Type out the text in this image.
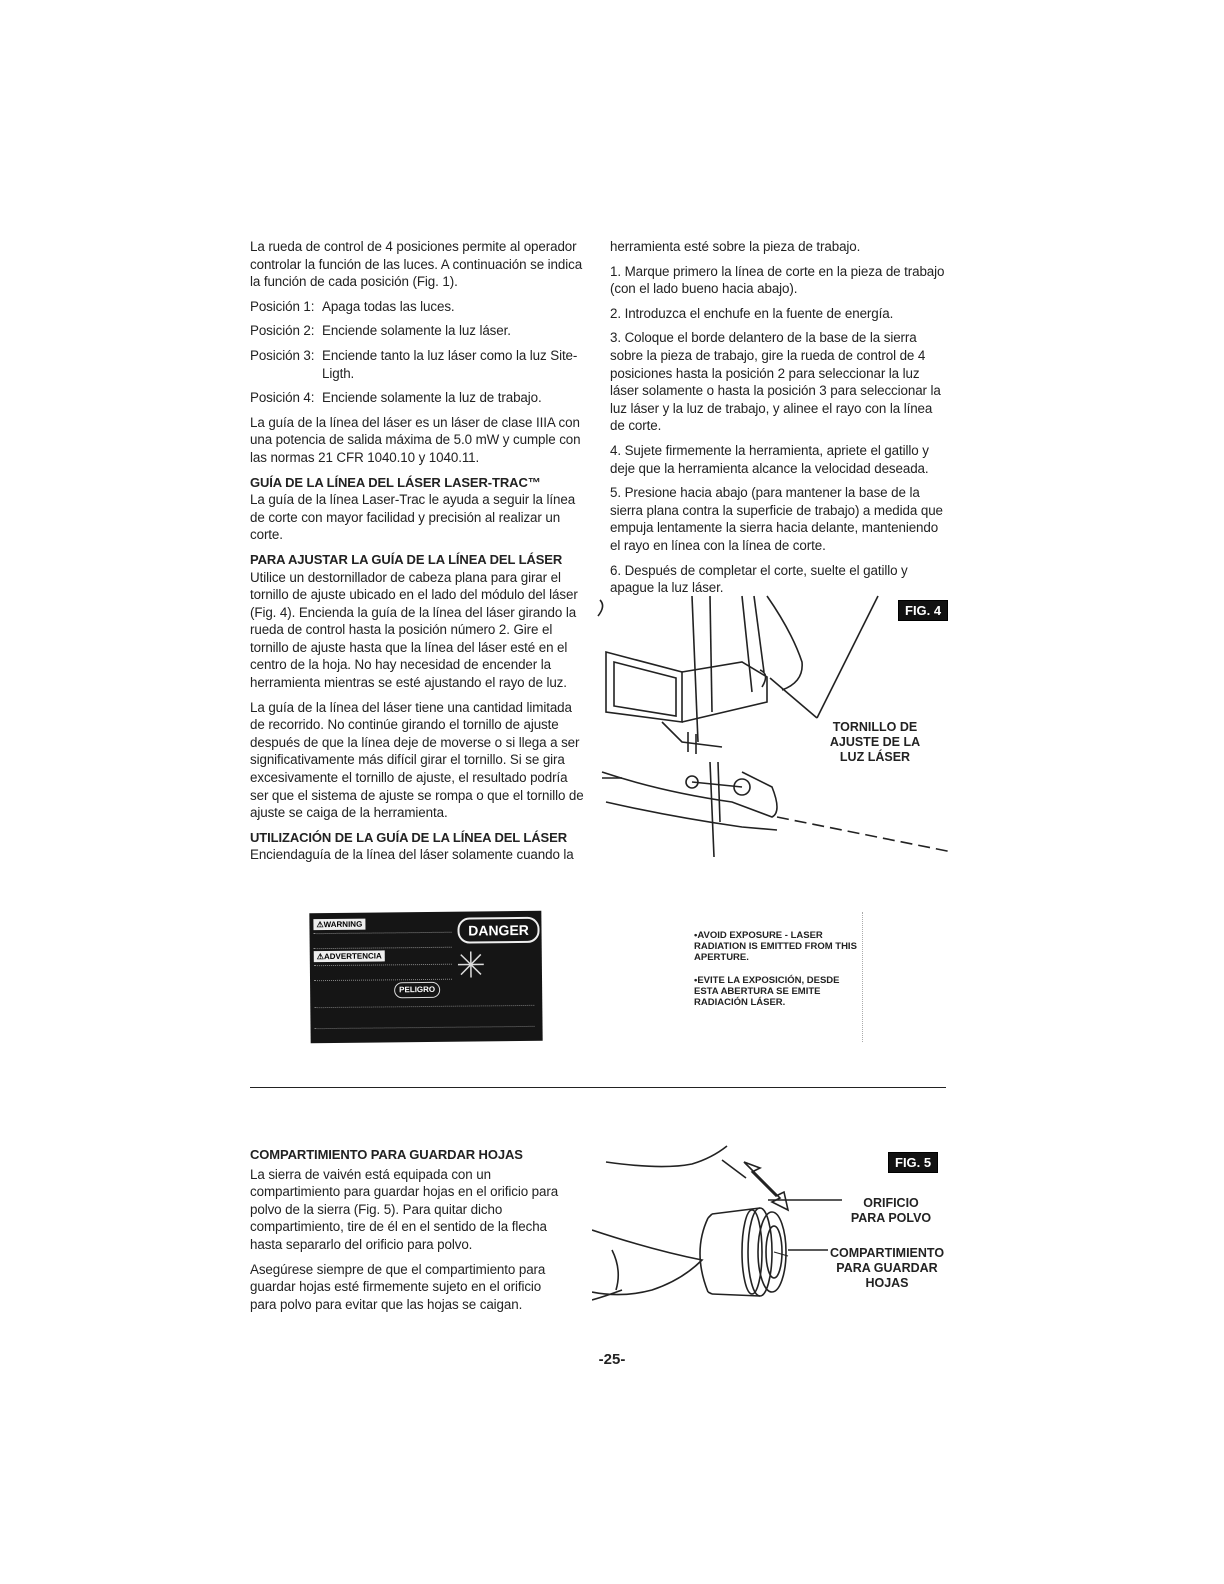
La rueda de control de 4 posiciones permite al operador controlar la función de las luces. A continuación se indica la función de cada posición (Fig. 1).

Posición 1: Apaga todas las luces.
Posición 2: Enciende solamente la luz láser.
Posición 3: Enciende tanto la luz láser como la luz Site-Ligth.
Posición 4: Enciende solamente la luz de trabajo.

La guía de la línea del láser es un láser de clase IIIA con una potencia de salida máxima de 5.0 mW y cumple con las normas 21 CFR 1040.10 y 1040.11.

GUÍA DE LA LÍNEA DEL LÁSER LASER-TRAC™

La guía de la línea Laser-Trac le ayuda a seguir la línea de corte con mayor facilidad y precisión al realizar un corte.

PARA AJUSTAR LA GUÍA DE LA LÍNEA DEL LÁSER

Utilice un destornillador de cabeza plana para girar el tornillo de ajuste ubicado en el lado del módulo del láser (Fig. 4). Encienda la guía de la línea del láser girando la rueda de control hasta la posición número 2. Gire el tornillo de ajuste hasta que la línea del láser esté en el centro de la hoja. No hay necesidad de encender la herramienta mientras se esté ajustando el rayo de luz.

La guía de la línea del láser tiene una cantidad limitada de recorrido. No continúe girando el tornillo de ajuste después de que la línea deje de moverse o si llega a ser significativamente más difícil girar el tornillo. Si se gira excesivamente el tornillo de ajuste, el resultado podría ser que el sistema de ajuste se rompa o que el tornillo de ajuste se caiga de la herramienta.

UTILIZACIÓN DE LA GUÍA DE LA LÍNEA DEL LÁSER

Enciendaguía de la línea del láser solamente cuando la

herramienta esté sobre la pieza de trabajo.

1. Marque primero la línea de corte en la pieza de trabajo (con el lado bueno hacia abajo).

2. Introduzca el enchufe en la fuente de energía.

3. Coloque el borde delantero de la base de la sierra sobre la pieza de trabajo, gire la rueda de control de 4 posiciones hasta la posición 2 para seleccionar la luz láser solamente o hasta la posición 3 para seleccionar la luz láser y la luz de trabajo, y alinee el rayo con la línea de corte.

4. Sujete firmemente la herramienta, apriete el gatillo y deje que la herramienta alcance la velocidad deseada.

5. Presione hacia abajo (para mantener la base de la sierra plana contra la superficie de trabajo) a medida que empuja lentamente la sierra hacia delante, manteniendo el rayo en línea con la línea de corte.

6. Después de completar el corte, suelte el gatillo y apague la luz láser.

FIG. 4
TORNILLO DE
AJUSTE DE LA
LUZ LÁSER
⚠WARNING
⚠ADVERTENCIA
DANGER
PELIGRO

•AVOID EXPOSURE - LASER RADIATION IS EMITTED FROM THIS APERTURE.

•EVITE LA EXPOSICIÓN, DESDE ESTA ABERTURA SE EMITE RADIACIÓN LÁSER.

COMPARTIMIENTO PARA GUARDAR HOJAS

La sierra de vaivén está equipada con un compartimiento para guardar hojas en el orificio para polvo de la sierra (Fig. 5). Para quitar dicho compartimiento, tire de él en el sentido de la flecha hasta separarlo del orificio para polvo.

Asegúrese siempre de que el compartimiento para guardar hojas esté firmemente sujeto en el orificio para polvo para evitar que las hojas se caigan.

FIG. 5
ORIFICIO
PARA POLVO
COMPARTIMIENTO
PARA GUARDAR
HOJAS
-25-
